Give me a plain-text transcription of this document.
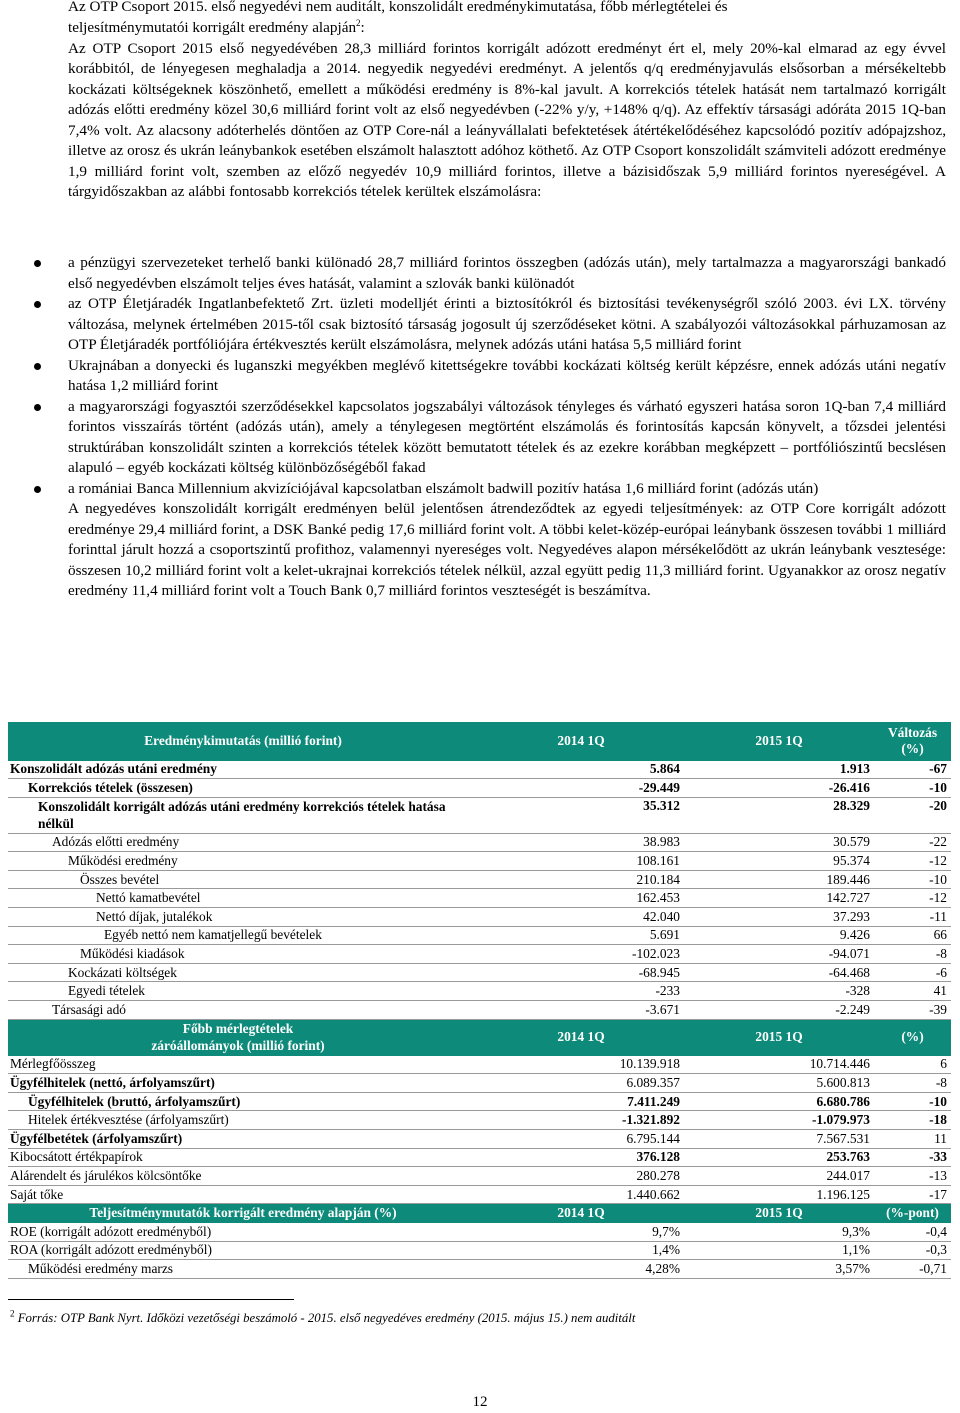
Az OTP Csoport 2015. első negyedévi nem auditált, konszolidált eredménykimutatása, főbb mérlegtételei és
teljesítménymutatói korrigált eredmény alapján$^2$:
Az OTP Csoport 2015 első negyedévében 28,3 milliárd forintos korrigált adózott eredményt ért el, mely 20%-kal elmarad az egy évvel korábbitól, de lényegesen meghaladja a 2014. negyedik negyedévi eredményt. A jelentős q/q eredményjavulás elsősorban a mérsékeltebb kockázati költségeknek köszönhető, emellett a működési eredmény is 8%-kal javult. A korrekciós tételek hatását nem tartalmazó korrigált adózás előtti eredmény közel 30,6 milliárd forint volt az első negyedévben (-22% y/y, +148% q/q). Az effektív társasági adóráta 2015 1Q-ban 7,4% volt. Az alacsony adóterhelés döntően az OTP Core-nál a leányvállalati befektetések átértékelődéséhez kapcsolódó pozitív adópajzshoz, illetve az orosz és ukrán leánybankok esetében elszámolt halasztott adóhoz köthető. Az OTP Csoport konszolidált számviteli adózott eredménye 1,9 milliárd forint volt, szemben az előző negyedév 10,9 milliárd forintos, illetve a bázisidőszak 5,9 milliárd forintos nyereségével. A tárgyidőszakban az alábbi fontosabb korrekciós tételek kerültek elszámolásra:
a pénzügyi szervezeteket terhelő banki különadó 28,7 milliárd forintos összegben (adózás után), mely tartalmazza a magyarországi bankadó első negyedévben elszámolt teljes éves hatását, valamint a szlovák banki különadót
az OTP Életjáradék Ingatlanbefektető Zrt. üzleti modelljét érinti a biztosítókról és biztosítási tevékenységről szóló 2003. évi LX. törvény változása, melynek értelmében 2015-től csak biztosító társaság jogosult új szerződéseket kötni. A szabályozói változásokkal párhuzamosan az OTP Életjáradék portfóliójára értékvesztés került elszámolásra, melynek adózás utáni hatása 5,5 milliárd forint
Ukrajnában a donyecki és luganszki megyékben meglévő kitettségekre további kockázati költség került képzésre, ennek adózás utáni negatív hatása 1,2 milliárd forint
a magyarországi fogyasztói szerződésekkel kapcsolatos jogszabályi változások tényleges és várható egyszeri hatása soron 1Q-ban 7,4 milliárd forintos visszaírás történt (adózás után), amely a ténylegesen megtörtént elszámolás és forintosítás kapcsán könyvelt, a tőzsdei jelentési struktúrában konszolidált szinten a korrekciós tételek között bemutatott tételek és az ezekre korábban megképzett – portfóliószintű becslésen alapuló – egyéb kockázati költség különbözőségéből fakad
a romániai Banca Millennium akvizíciójával kapcsolatban elszámolt badwill pozitív hatása 1,6 milliárd forint (adózás után)
A negyedéves konszolidált korrigált eredményen belül jelentősen átrendeződtek az egyedi teljesítmények: az OTP Core korrigált adózott eredménye 29,4 milliárd forint, a DSK Banké pedig 17,6 milliárd forint volt. A többi kelet-közép-európai leánybank összesen további 1 milliárd forinttal járult hozzá a csoportszintű profithoz, valamennyi nyereséges volt. Negyedéves alapon mérsékelődött az ukrán leánybank vesztesége: összesen 10,2 milliárd forint volt a kelet-ukrajnai korrekciós tételek nélkül, azzal együtt pedig 11,3 milliárd forint. Ugyanakkor az orosz negatív eredmény 11,4 milliárd forint volt a Touch Bank 0,7 milliárd forintos veszteségét is beszámítva.
Eredménykimutatás (millió forint)	2014 1Q	2015 1Q	Változás (%)
Konszolidált adózás utáni eredmény	5.864	1.913	-67
Korrekciós tételek (összesen)	-29.449	-26.416	-10
Konszolidált korrigált adózás utáni eredmény korrekciós tételek hatása nélkül	35.312	28.329	-20
Adózás előtti eredmény	38.983	30.579	-22
Működési eredmény	108.161	95.374	-12
Összes bevétel	210.184	189.446	-10
Nettó kamatbevétel	162.453	142.727	-12
Nettó díjak, jutalékok	42.040	37.293	-11
Egyéb nettó nem kamatjellegű bevételek	5.691	9.426	66
Működési kiadások	-102.023	-94.071	-8
Kockázati költségek	-68.945	-64.468	-6
Egyedi tételek	-233	-328	41
Társasági adó	-3.671	-2.249	-39
Főbb mérlegtételek záróállományok (millió forint)	2014 1Q	2015 1Q	(%)
Mérlegfőösszeg	10.139.918	10.714.446	6
Ügyfélhitelek (nettó, árfolyamszűrt)	6.089.357	5.600.813	-8
Ügyfélhitelek (bruttó, árfolyamszűrt)	7.411.249	6.680.786	-10
Hitelek értékvesztése (árfolyamszűrt)	-1.321.892	-1.079.973	-18
Ügyfélbetétek (árfolyamszűrt)	6.795.144	7.567.531	11
Kibocsátott értékpapírok	376.128	253.763	-33
Alárendelt és járulékos kölcsöntőke	280.278	244.017	-13
Saját tőke	1.440.662	1.196.125	-17
Teljesítménymutatók korrigált eredmény alapján (%)	2014 1Q	2015 1Q	(%-pont)
ROE (korrigált adózott eredményből)	9,7%	9,3%	-0,4
ROA (korrigált adózott eredményből)	1,4%	1,1%	-0,3
Működési eredmény marzs	4,28%	3,57%	-0,71
$^2$ Forrás: OTP Bank Nyrt. Időközi vezetőségi beszámoló - 2015. első negyedéves eredmény (2015. május 15.) nem auditált
12
